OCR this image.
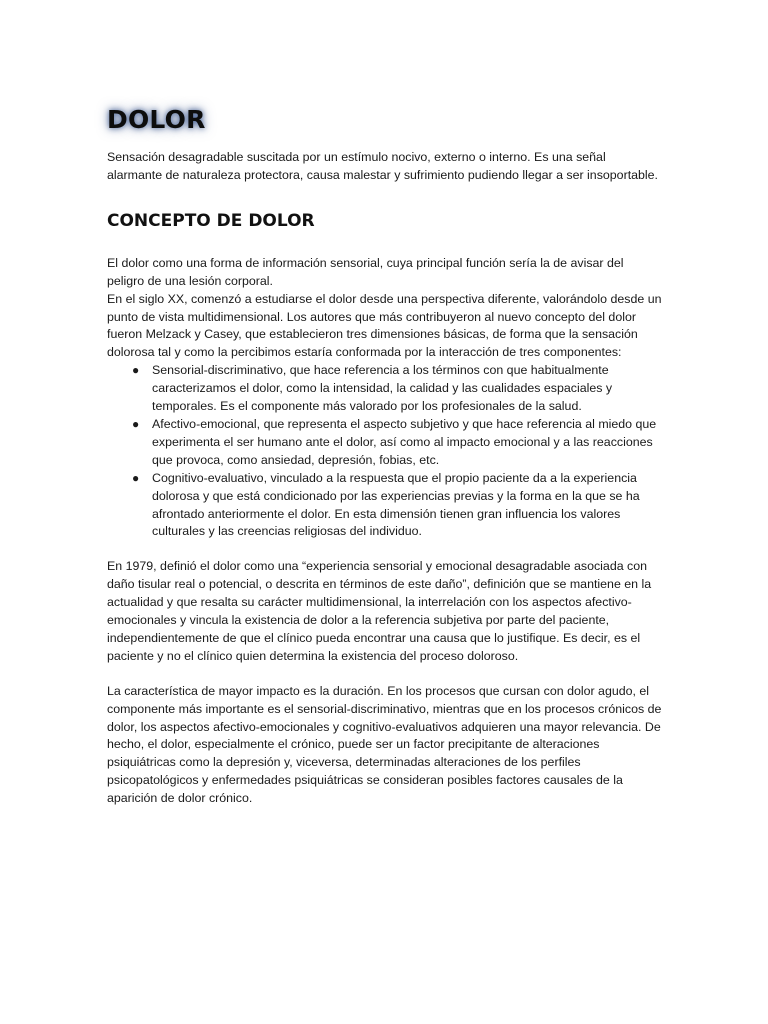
DOLOR

Sensación desagradable suscitada por un estímulo nocivo, externo o interno. Es una señal alarmante de naturaleza protectora, causa malestar y sufrimiento pudiendo llegar a ser insoportable.

CONCEPTO DE DOLOR

El dolor como una forma de información sensorial, cuya principal función sería la de avisar del peligro de una lesión corporal.

En el siglo XX, comenzó a estudiarse el dolor desde una perspectiva diferente, valorándolo desde un punto de vista multidimensional. Los autores que más contribuyeron al nuevo concepto del dolor fueron Melzack y Casey, que establecieron tres dimensiones básicas, de forma que la sensación dolorosa tal y como la percibimos estaría conformada por la interacción de tres componentes:

● Sensorial-discriminativo, que hace referencia a los términos con que habitualmente caracterizamos el dolor, como la intensidad, la calidad y las cualidades espaciales y temporales. Es el componente más valorado por los profesionales de la salud.
● Afectivo-emocional, que representa el aspecto subjetivo y que hace referencia al miedo que experimenta el ser humano ante el dolor, así como al impacto emocional y a las reacciones que provoca, como ansiedad, depresión, fobias, etc.
● Cognitivo-evaluativo, vinculado a la respuesta que el propio paciente da a la experiencia dolorosa y que está condicionado por las experiencias previas y la forma en la que se ha afrontado anteriormente el dolor. En esta dimensión tienen gran influencia los valores culturales y las creencias religiosas del individuo.

En 1979, definió el dolor como una “experiencia sensorial y emocional desagradable asociada con daño tisular real o potencial, o descrita en términos de este daño”, definición que se mantiene en la actualidad y que resalta su carácter multidimensional, la interrelación con los aspectos afectivo-emocionales y vincula la existencia de dolor a la referencia subjetiva por parte del paciente, independientemente de que el clínico pueda encontrar una causa que lo justifique. Es decir, es el paciente y no el clínico quien determina la existencia del proceso doloroso.

La característica de mayor impacto es la duración. En los procesos que cursan con dolor agudo, el componente más importante es el sensorial-discriminativo, mientras que en los procesos crónicos de dolor, los aspectos afectivo-emocionales y cognitivo-evaluativos adquieren una mayor relevancia. De hecho, el dolor, especialmente el crónico, puede ser un factor precipitante de alteraciones psiquiátricas como la depresión y, viceversa, determinadas alteraciones de los perfiles psicopatológicos y enfermedades psiquiátricas se consideran posibles factores causales de la aparición de dolor crónico.
